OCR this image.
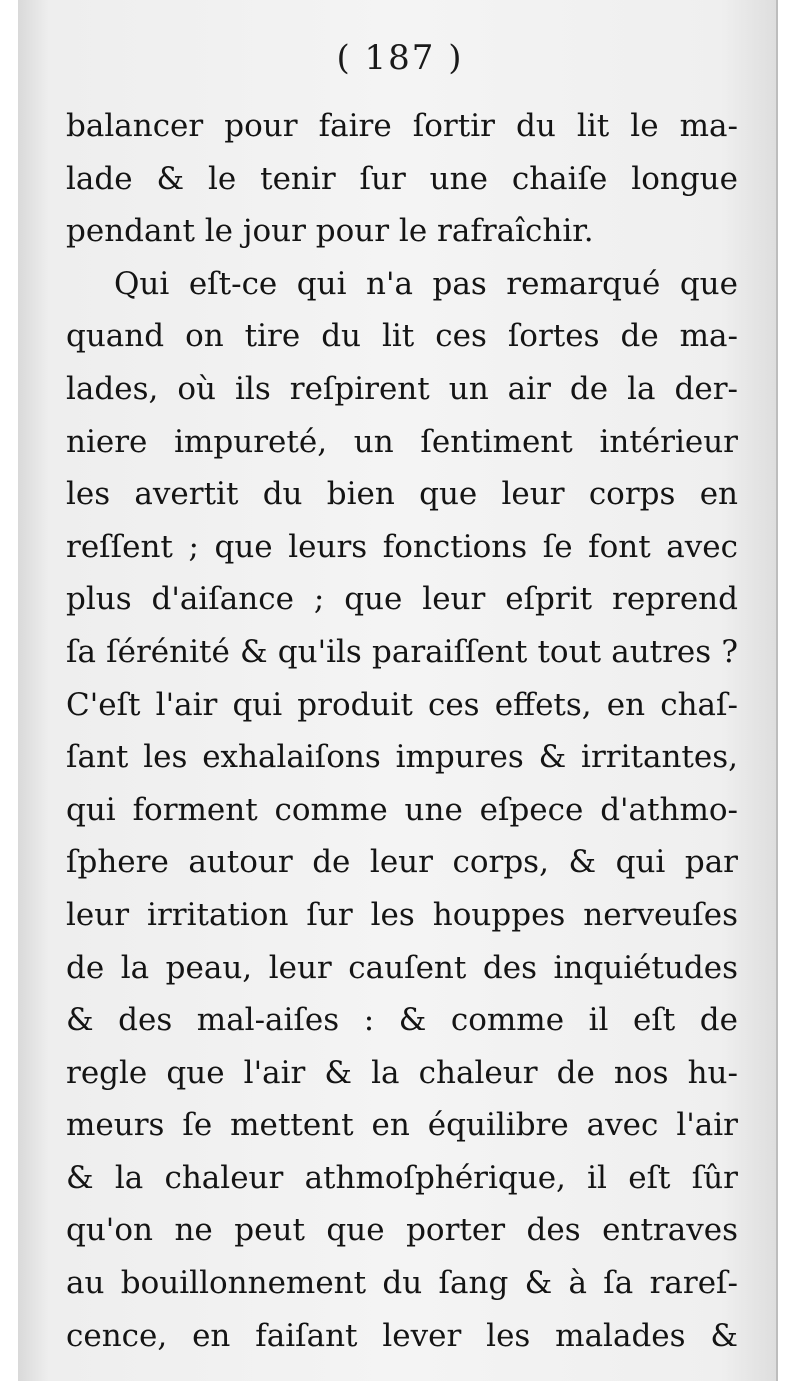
( 187 )
balancer pour faire ſortir du lit le ma-
lade & le tenir ſur une chaiſe longue
pendant le jour pour le rafraîchir.
Qui eſt-ce qui n'a pas remarqué que
quand on tire du lit ces ſortes de ma-
lades, où ils reſpirent un air de la der-
niere impureté, un ſentiment intérieur
les avertit du bien que leur corps en
reſſent ; que leurs fonctions ſe font avec
plus d'aiſance ; que leur eſprit reprend
ſa ſérénité & qu'ils paraiſſent tout autres ?
C'eſt l'air qui produit ces effets, en chaſ-
ſant les exhalaiſons impures & irritantes,
qui forment comme une eſpece d'athmo-
ſphere autour de leur corps, & qui par
leur irritation ſur les houppes nerveuſes
de la peau, leur cauſent des inquiétudes
& des mal-aiſes : & comme il eſt de
regle que l'air & la chaleur de nos hu-
meurs ſe mettent en équilibre avec l'air
& la chaleur athmoſphérique, il eſt ſûr
qu'on ne peut que porter des entraves
au bouillonnement du ſang & à ſa rareſ-
cence, en faiſant lever les malades &
